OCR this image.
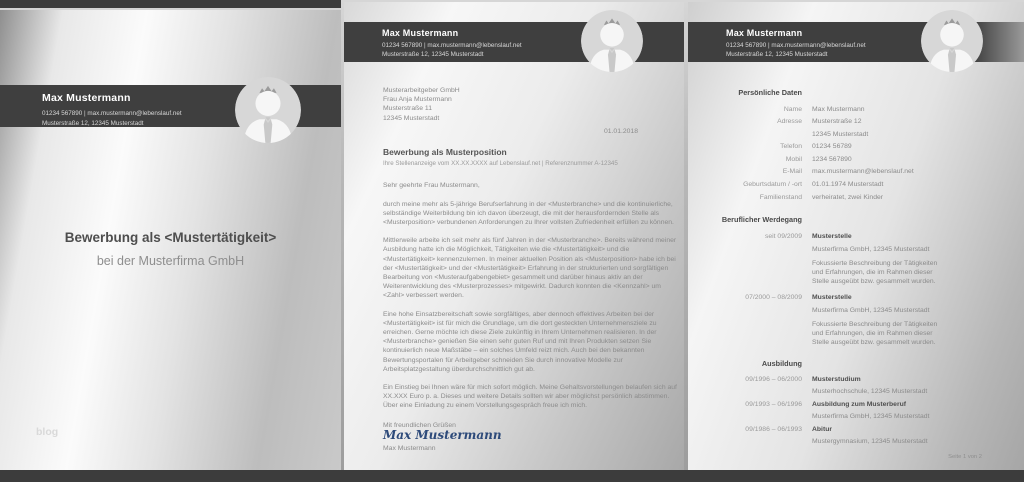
Max Mustermann
01234 567890 | max.mustermann@lebenslauf.net
Musterstraße 12, 12345 Musterstadt
Bewerbung als <Mustertätigkeit>
bei der Musterfirma GmbH
blog
Max Mustermann
01234 567890 | max.mustermann@lebenslauf.net
Musterstraße 12, 12345 Musterstadt
Musterarbeitgeber GmbH
Frau Anja Mustermann
Musterstraße 11
12345 Musterstadt
01.01.2018
Bewerbung als Musterposition
Ihre Stellenanzeige vom XX.XX.XXXX auf Lebenslauf.net | Referenznummer A-12345
Sehr geehrte Frau Mustermann,

durch meine mehr als 5-jährige Berufserfahrung in der <Musterbranche> und die kontinuierliche, selbständige Weiterbildung bin ich davon überzeugt, die mit der herausfordernden Stelle als <Musterposition> verbundenen Anforderungen zu Ihrer vollsten Zufriedenheit erfüllen zu können.

Mittlerweile arbeite ich seit mehr als fünf Jahren in der <Musterbranche>. Bereits während meiner Ausbildung hatte ich die Möglichkeit, Tätigkeiten wie die <Mustertätigkeit> und die <Mustertätigkeit> kennenzulernen. In meiner aktuellen Position als <Musterposition> habe ich bei der <Mustertätigkeit> und der <Mustertätigkeit> Erfahrung in der strukturierten und sorgfältigen Bearbeitung von <Musteraufgabengebiet> gesammelt und darüber hinaus aktiv an der Weiterentwicklung des <Musterprozesses> mitgewirkt. Dadurch konnten die <Kennzahl> um <Zahl> verbessert werden.

Eine hohe Einsatzbereitschaft sowie sorgfältiges, aber dennoch effektives Arbeiten bei der <Mustertätigkeit> ist für mich die Grundlage, um die dort gesteckten Unternehmensziele zu erreichen. Gerne möchte ich diese Ziele zukünftig in Ihrem Unternehmen realisieren. In der <Musterbranche> genießen Sie einen sehr guten Ruf und mit Ihren Produkten setzen Sie kontinuierlich neue Maßstäbe – ein solches Umfeld reizt mich. Auch bei den bekannten Bewertungsportalen für Arbeitgeber schneiden Sie durch innovative Modelle zur Arbeitsplatzgestaltung überdurchschnittlich gut ab.

Ein Einstieg bei Ihnen wäre für mich sofort möglich. Meine Gehaltsvorstellungen belaufen sich auf XX.XXX Euro p. a. Dieses und weitere Details sollten wir aber möglichst persönlich abstimmen. Über eine Einladung zu einem Vorstellungsgespräch freue ich mich.

Mit freundlichen Grüßen
Max Mustermann
Max Mustermann
Max Mustermann
01234 567890 | max.mustermann@lebenslauf.net
Musterstraße 12, 12345 Musterstadt
Persönliche Daten
Name	Max Mustermann
Adresse	Musterstraße 12
12345 Musterstadt
Telefon	01234 56789
Mobil	1234 567890
E-Mail	max.mustermann@lebenslauf.net
Geburtsdatum / -ort	01.01.1974 Musterstadt
Familienstand	verheiratet, zwei Kinder
Beruflicher Werdegang
seit 09/2009	Musterstelle
Musterfirma GmbH, 12345 Musterstadt
Fokussierte Beschreibung der Tätigkeiten und Erfahrungen, die im Rahmen dieser Stelle ausgeübt bzw. gesammelt wurden.
07/2000 – 08/2009	Musterstelle
Musterfirma GmbH, 12345 Musterstadt
Fokussierte Beschreibung der Tätigkeiten und Erfahrungen, die im Rahmen dieser Stelle ausgeübt bzw. gesammelt wurden.
Ausbildung
09/1996 – 06/2000	Musterstudium
Musterhochschule, 12345 Musterstadt
09/1993 – 06/1996	Ausbildung zum Musterberuf
Musterfirma GmbH, 12345 Musterstadt
09/1986 – 06/1993	Abitur
Mustergymnasium, 12345 Musterstadt
Seite 1 von 2
